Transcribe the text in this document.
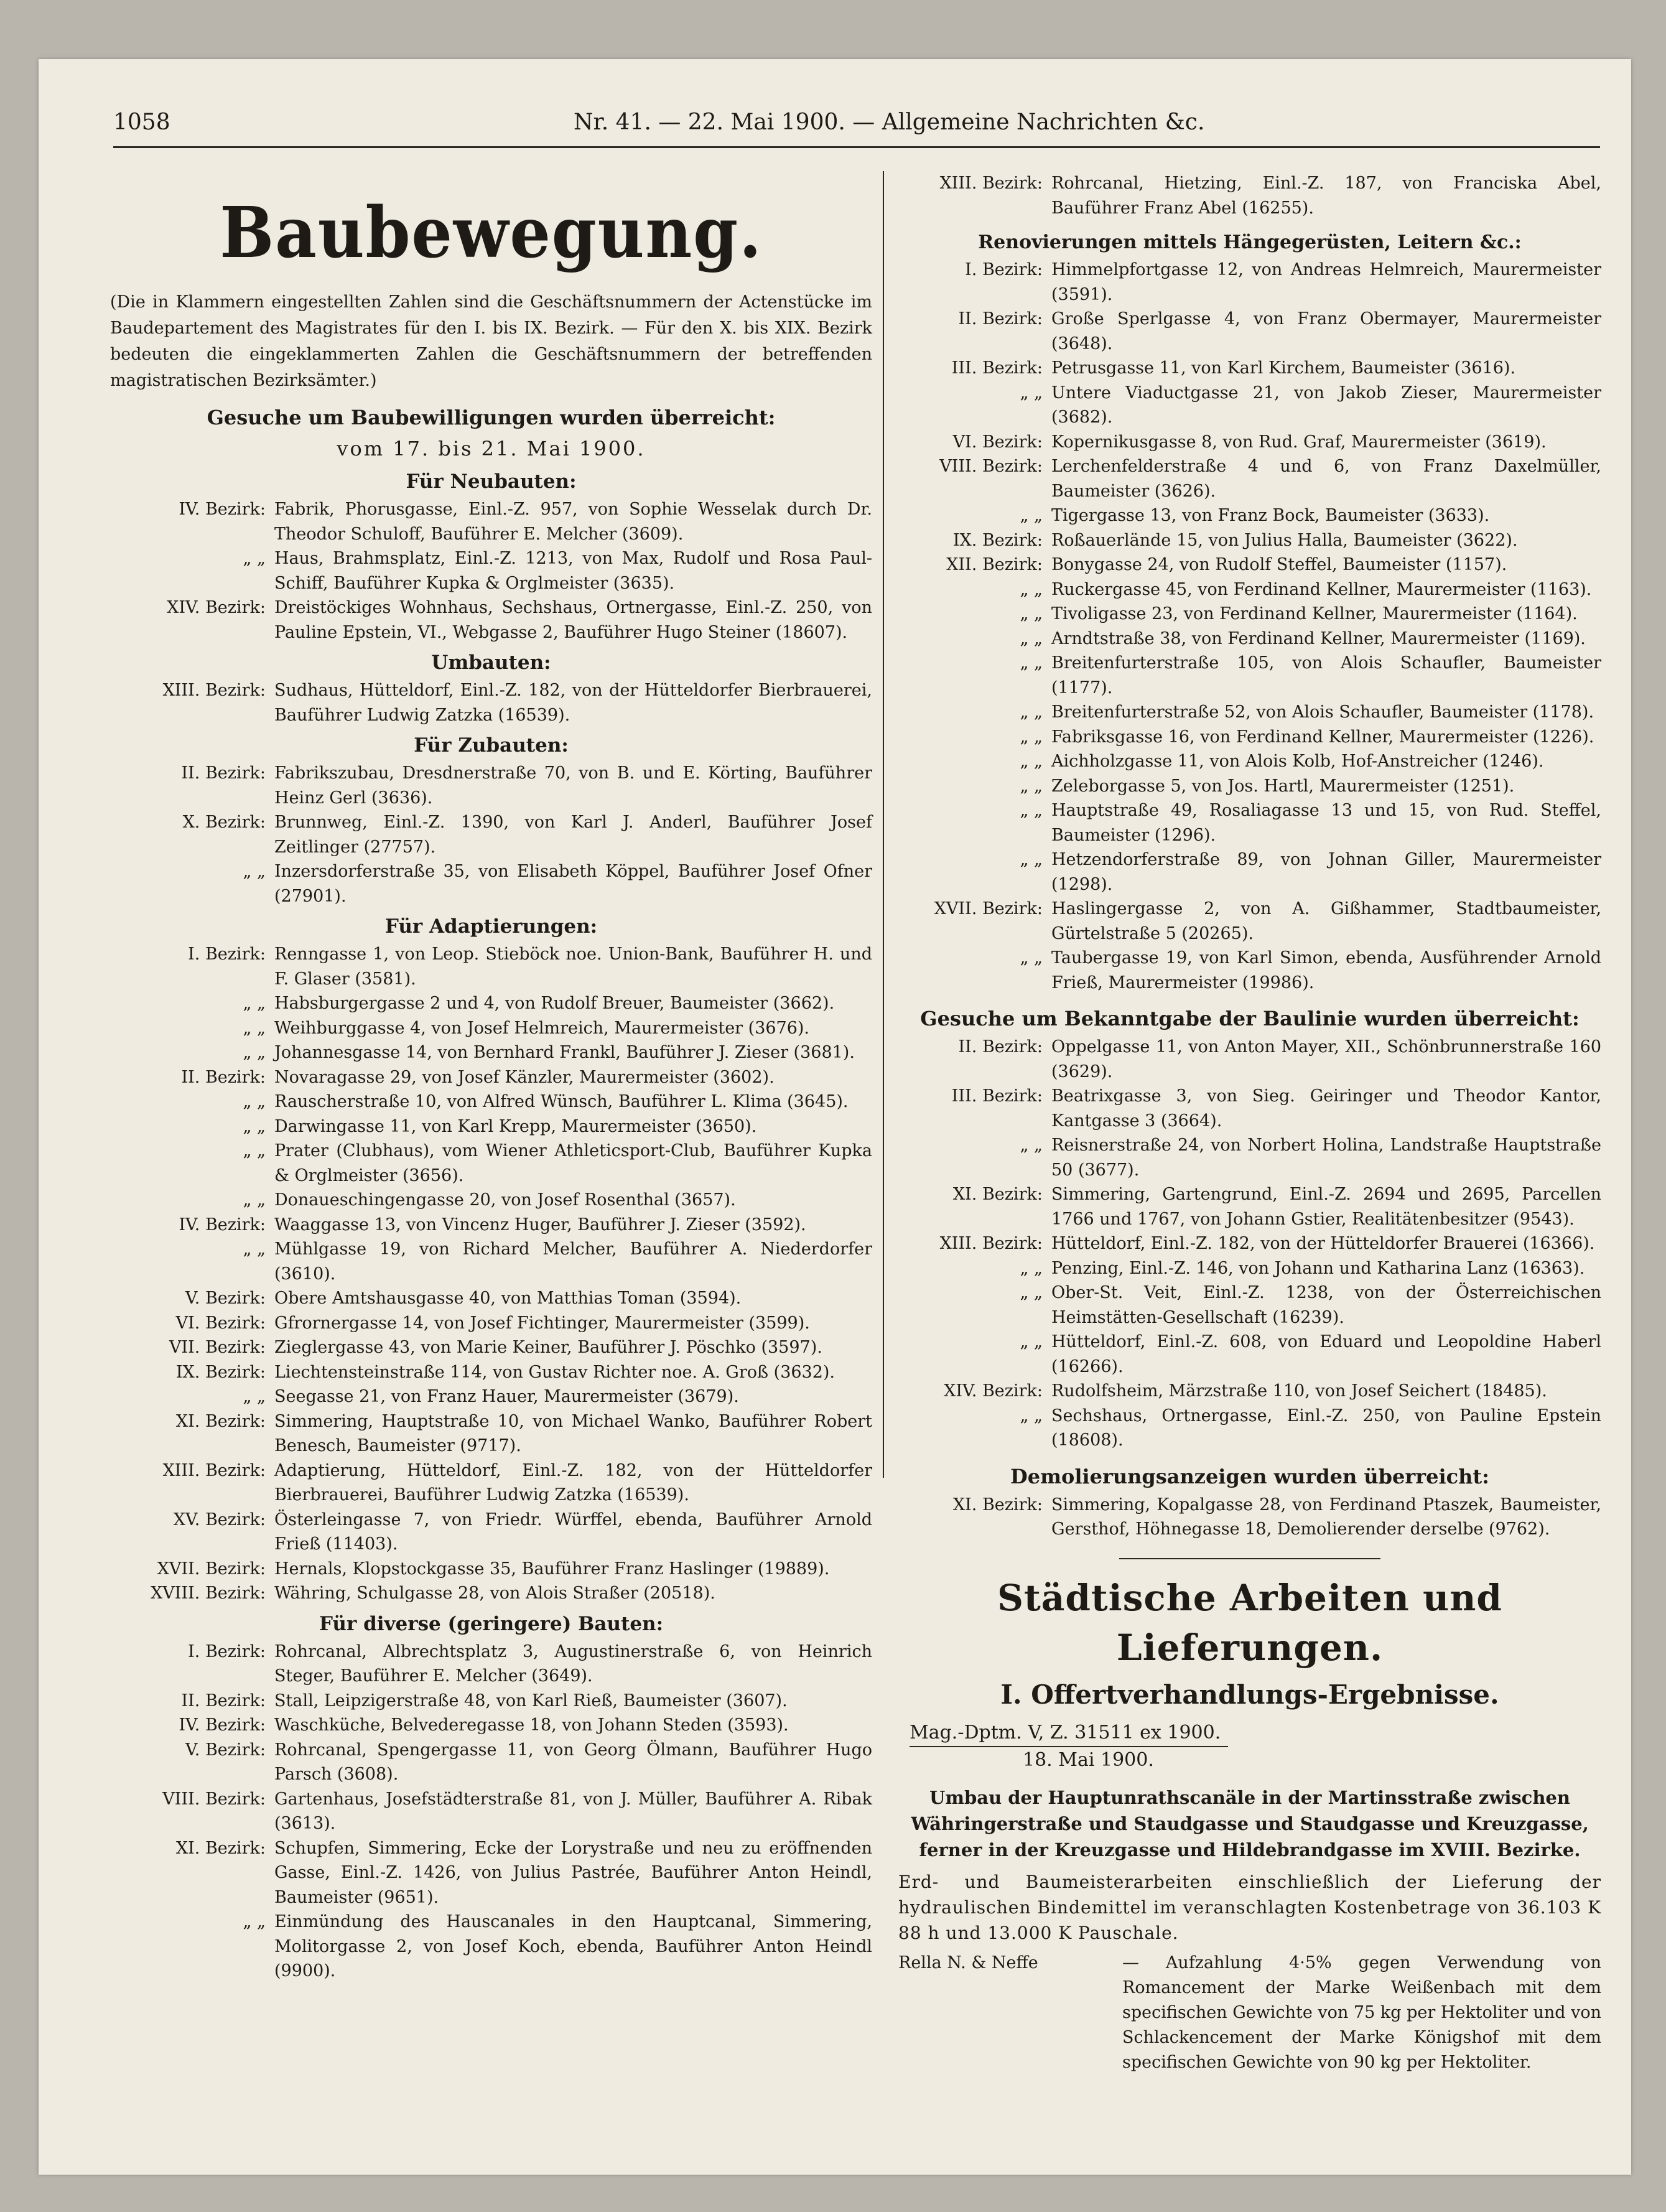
1058	Nr. 41. — 22. Mai 1900. — Allgemeine Nachrichten &c.
Baubewegung.
(Die in Klammern eingestellten Zahlen sind die Geschäftsnummern der Actenstücke im Baudepartement des Magistrates für den I. bis IX. Bezirk. — Für den X. bis XIX. Bezirk bedeuten die eingeklammerten Zahlen die Geschäftsnummern der betreffenden magistratischen Bezirksämter.)
Gesuche um Baubewilligungen wurden überreicht:
vom 17. bis 21. Mai 1900.
Für Neubauten:
IV. Bezirk: Fabrik, Phorusgasse, Einl.-Z. 957, von Sophie Wesselak durch Dr. Theodor Schuloff, Bauführer E. Melcher (3609).
„ „ Haus, Brahmsplatz, Einl.-Z. 1213, von Max, Rudolf und Rosa Paul-Schiff, Bauführer Kupka & Orglmeister (3635).
XIV. Bezirk: Dreistöckiges Wohnhaus, Sechshaus, Ortnergasse, Einl.-Z. 250, von Pauline Epstein, VI., Webgasse 2, Bauführer Hugo Steiner (18607).
Umbauten:
XIII. Bezirk: Sudhaus, Hütteldorf, Einl.-Z. 182, von der Hütteldorfer Bierbrauerei, Bauführer Ludwig Zatzka (16539).
Für Zubauten:
II. Bezirk: Fabrikszubau, Dresdnerstraße 70, von B. und E. Körting, Bauführer Heinz Gerl (3636).
X. Bezirk: Brunnweg, Einl.-Z. 1390, von Karl J. Anderl, Bauführer Josef Zeitlinger (27757).
„ „ Inzersdorferstraße 35, von Elisabeth Köppel, Bauführer Josef Ofner (27901).
Für Adaptierungen:
I. Bezirk: Renngasse 1, von Leop. Stieböck noe. Union-Bank, Bauführer H. und F. Glaser (3581).
„ „ Habsburgergasse 2 und 4, von Rudolf Breuer, Baumeister (3662).
„ „ Weihburggasse 4, von Josef Helmreich, Maurermeister (3676).
„ „ Johannesgasse 14, von Bernhard Frankl, Bauführer J. Zieser (3681).
II. Bezirk: Novaragasse 29, von Josef Känzler, Maurermeister (3602).
„ „ Rauscherstraße 10, von Alfred Wünsch, Bauführer L. Klima (3645).
„ „ Darwingasse 11, von Karl Krepp, Maurermeister (3650).
„ „ Prater (Clubhaus), vom Wiener Athleticsport-Club, Bauführer Kupka & Orglmeister (3656).
„ „ Donaueschingengasse 20, von Josef Rosenthal (3657).
IV. Bezirk: Waaggasse 13, von Vincenz Huger, Bauführer J. Zieser (3592).
„ „ Mühlgasse 19, von Richard Melcher, Bauführer A. Niederdorfer (3610).
V. Bezirk: Obere Amtshausgasse 40, von Matthias Toman (3594).
VI. Bezirk: Gfrornergasse 14, von Josef Fichtinger, Maurermeister (3599).
VII. Bezirk: Zieglergasse 43, von Marie Keiner, Bauführer J. Pöschko (3597).
IX. Bezirk: Liechtensteinstraße 114, von Gustav Richter noe. A. Groß (3632).
„ „ Seegasse 21, von Franz Hauer, Maurermeister (3679).
XI. Bezirk: Simmering, Hauptstraße 10, von Michael Wanko, Bauführer Robert Benesch, Baumeister (9717).
XIII. Bezirk: Adaptierung, Hütteldorf, Einl.-Z. 182, von der Hütteldorfer Bierbrauerei, Bauführer Ludwig Zatzka (16539).
XV. Bezirk: Österleingasse 7, von Friedr. Würffel, ebenda, Bauführer Arnold Frieß (11403).
XVII. Bezirk: Hernals, Klopstockgasse 35, Bauführer Franz Haslinger (19889).
XVIII. Bezirk: Währing, Schulgasse 28, von Alois Straßer (20518).
Für diverse (geringere) Bauten:
I. Bezirk: Rohrcanal, Albrechtsplatz 3, Augustinerstraße 6, von Heinrich Steger, Bauführer E. Melcher (3649).
II. Bezirk: Stall, Leipzigerstraße 48, von Karl Rieß, Baumeister (3607).
IV. Bezirk: Waschküche, Belvederegasse 18, von Johann Steden (3593).
V. Bezirk: Rohrcanal, Spengergasse 11, von Georg Ölmann, Bauführer Hugo Parsch (3608).
VIII. Bezirk: Gartenhaus, Josefstädterstraße 81, von J. Müller, Bauführer A. Ribak (3613).
XI. Bezirk: Schupfen, Simmering, Ecke der Lorystraße und neu zu eröffnenden Gasse, Einl.-Z. 1426, von Julius Pastrée, Bauführer Anton Heindl, Baumeister (9651).
„ „ Einmündung des Hauscanales in den Hauptcanal, Simmering, Molitorgasse 2, von Josef Koch, ebenda, Bauführer Anton Heindl (9900).
XIII. Bezirk: Rohrcanal, Hietzing, Einl.-Z. 187, von Franciska Abel, Bauführer Franz Abel (16255).
Renovierungen mittels Hängegerüsten, Leitern &c.:
I. Bezirk: Himmelpfortgasse 12, von Andreas Helmreich, Maurermeister (3591).
II. Bezirk: Große Sperlgasse 4, von Franz Obermayer, Maurermeister (3648).
III. Bezirk: Petrusgasse 11, von Karl Kirchem, Baumeister (3616).
„ „ Untere Viaductgasse 21, von Jakob Zieser, Maurermeister (3682).
VI. Bezirk: Kopernikusgasse 8, von Rud. Graf, Maurermeister (3619).
VIII. Bezirk: Lerchenfelderstraße 4 und 6, von Franz Daxelmüller, Baumeister (3626).
„ „ Tigergasse 13, von Franz Bock, Baumeister (3633).
IX. Bezirk: Roßauerlände 15, von Julius Halla, Baumeister (3622).
XII. Bezirk: Bonygasse 24, von Rudolf Steffel, Baumeister (1157).
„ „ Ruckergasse 45, von Ferdinand Kellner, Maurermeister (1163).
„ „ Tivoligasse 23, von Ferdinand Kellner, Maurermeister (1164).
„ „ Arndtstraße 38, von Ferdinand Kellner, Maurermeister (1169).
„ „ Breitenfurterstraße 105, von Alois Schaufler, Baumeister (1177).
„ „ Breitenfurterstraße 52, von Alois Schaufler, Baumeister (1178).
„ „ Fabriksgasse 16, von Ferdinand Kellner, Maurermeister (1226).
„ „ Aichholzgasse 11, von Alois Kolb, Hof-Anstreicher (1246).
„ „ Zeleborgasse 5, von Jos. Hartl, Maurermeister (1251).
„ „ Hauptstraße 49, Rosaliagasse 13 und 15, von Rud. Steffel, Baumeister (1296).
„ „ Hetzendorferstraße 89, von Johnan Giller, Maurermeister (1298).
XVII. Bezirk: Haslingergasse 2, von A. Gißhammer, Stadtbaumeister, Gürtelstraße 5 (20265).
„ „ Taubergasse 19, von Karl Simon, ebenda, Ausführender Arnold Frieß, Maurermeister (19986).
Gesuche um Bekanntgabe der Baulinie wurden überreicht:
II. Bezirk: Oppelgasse 11, von Anton Mayer, XII., Schönbrunnerstraße 160 (3629).
III. Bezirk: Beatrixgasse 3, von Sieg. Geiringer und Theodor Kantor, Kantgasse 3 (3664).
„ „ Reisnerstraße 24, von Norbert Holina, Landstraße Hauptstraße 50 (3677).
XI. Bezirk: Simmering, Gartengrund, Einl.-Z. 2694 und 2695, Parcellen 1766 und 1767, von Johann Gstier, Realitätenbesitzer (9543).
XIII. Bezirk: Hütteldorf, Einl.-Z. 182, von der Hütteldorfer Brauerei (16366).
„ „ Penzing, Einl.-Z. 146, von Johann und Katharina Lanz (16363).
„ „ Ober-St. Veit, Einl.-Z. 1238, von der Österreichischen Heimstätten-Gesellschaft (16239).
„ „ Hütteldorf, Einl.-Z. 608, von Eduard und Leopoldine Haberl (16266).
XIV. Bezirk: Rudolfsheim, Märzstraße 110, von Josef Seichert (18485).
„ „ Sechshaus, Ortnergasse, Einl.-Z. 250, von Pauline Epstein (18608).
Demolierungsanzeigen wurden überreicht:
XI. Bezirk: Simmering, Kopalgasse 28, von Ferdinand Ptaszek, Baumeister, Gersthof, Höhnegasse 18, Demolierender derselbe (9762).
Städtische Arbeiten und Lieferungen.
I. Offertverhandlungs-Ergebnisse.
Mag.-Dptm. V, Z. 31511 ex 1900.
18. Mai 1900.
Umbau der Hauptunrathscanäle in der Martinsstraße zwischen Währingerstraße und Staudgasse und Staudgasse und Kreuzgasse, ferner in der Kreuzgasse und Hildebrandgasse im XVIII. Bezirke.
Erd- und Baumeisterarbeiten einschließlich der Lieferung der hydraulischen Bindemittel im veranschlagten Kostenbetrage von 36.103 K 88 h und 13.000 K Pauschale.
Rella N. & Neffe	— Aufzahlung 4·5% gegen Verwendung von Romancement der Marke Weißenbach mit dem specifischen Gewichte von 75 kg per Hektoliter und von Schlackencement der Marke Königshof mit dem specifischen Gewichte von 90 kg per Hektoliter.
